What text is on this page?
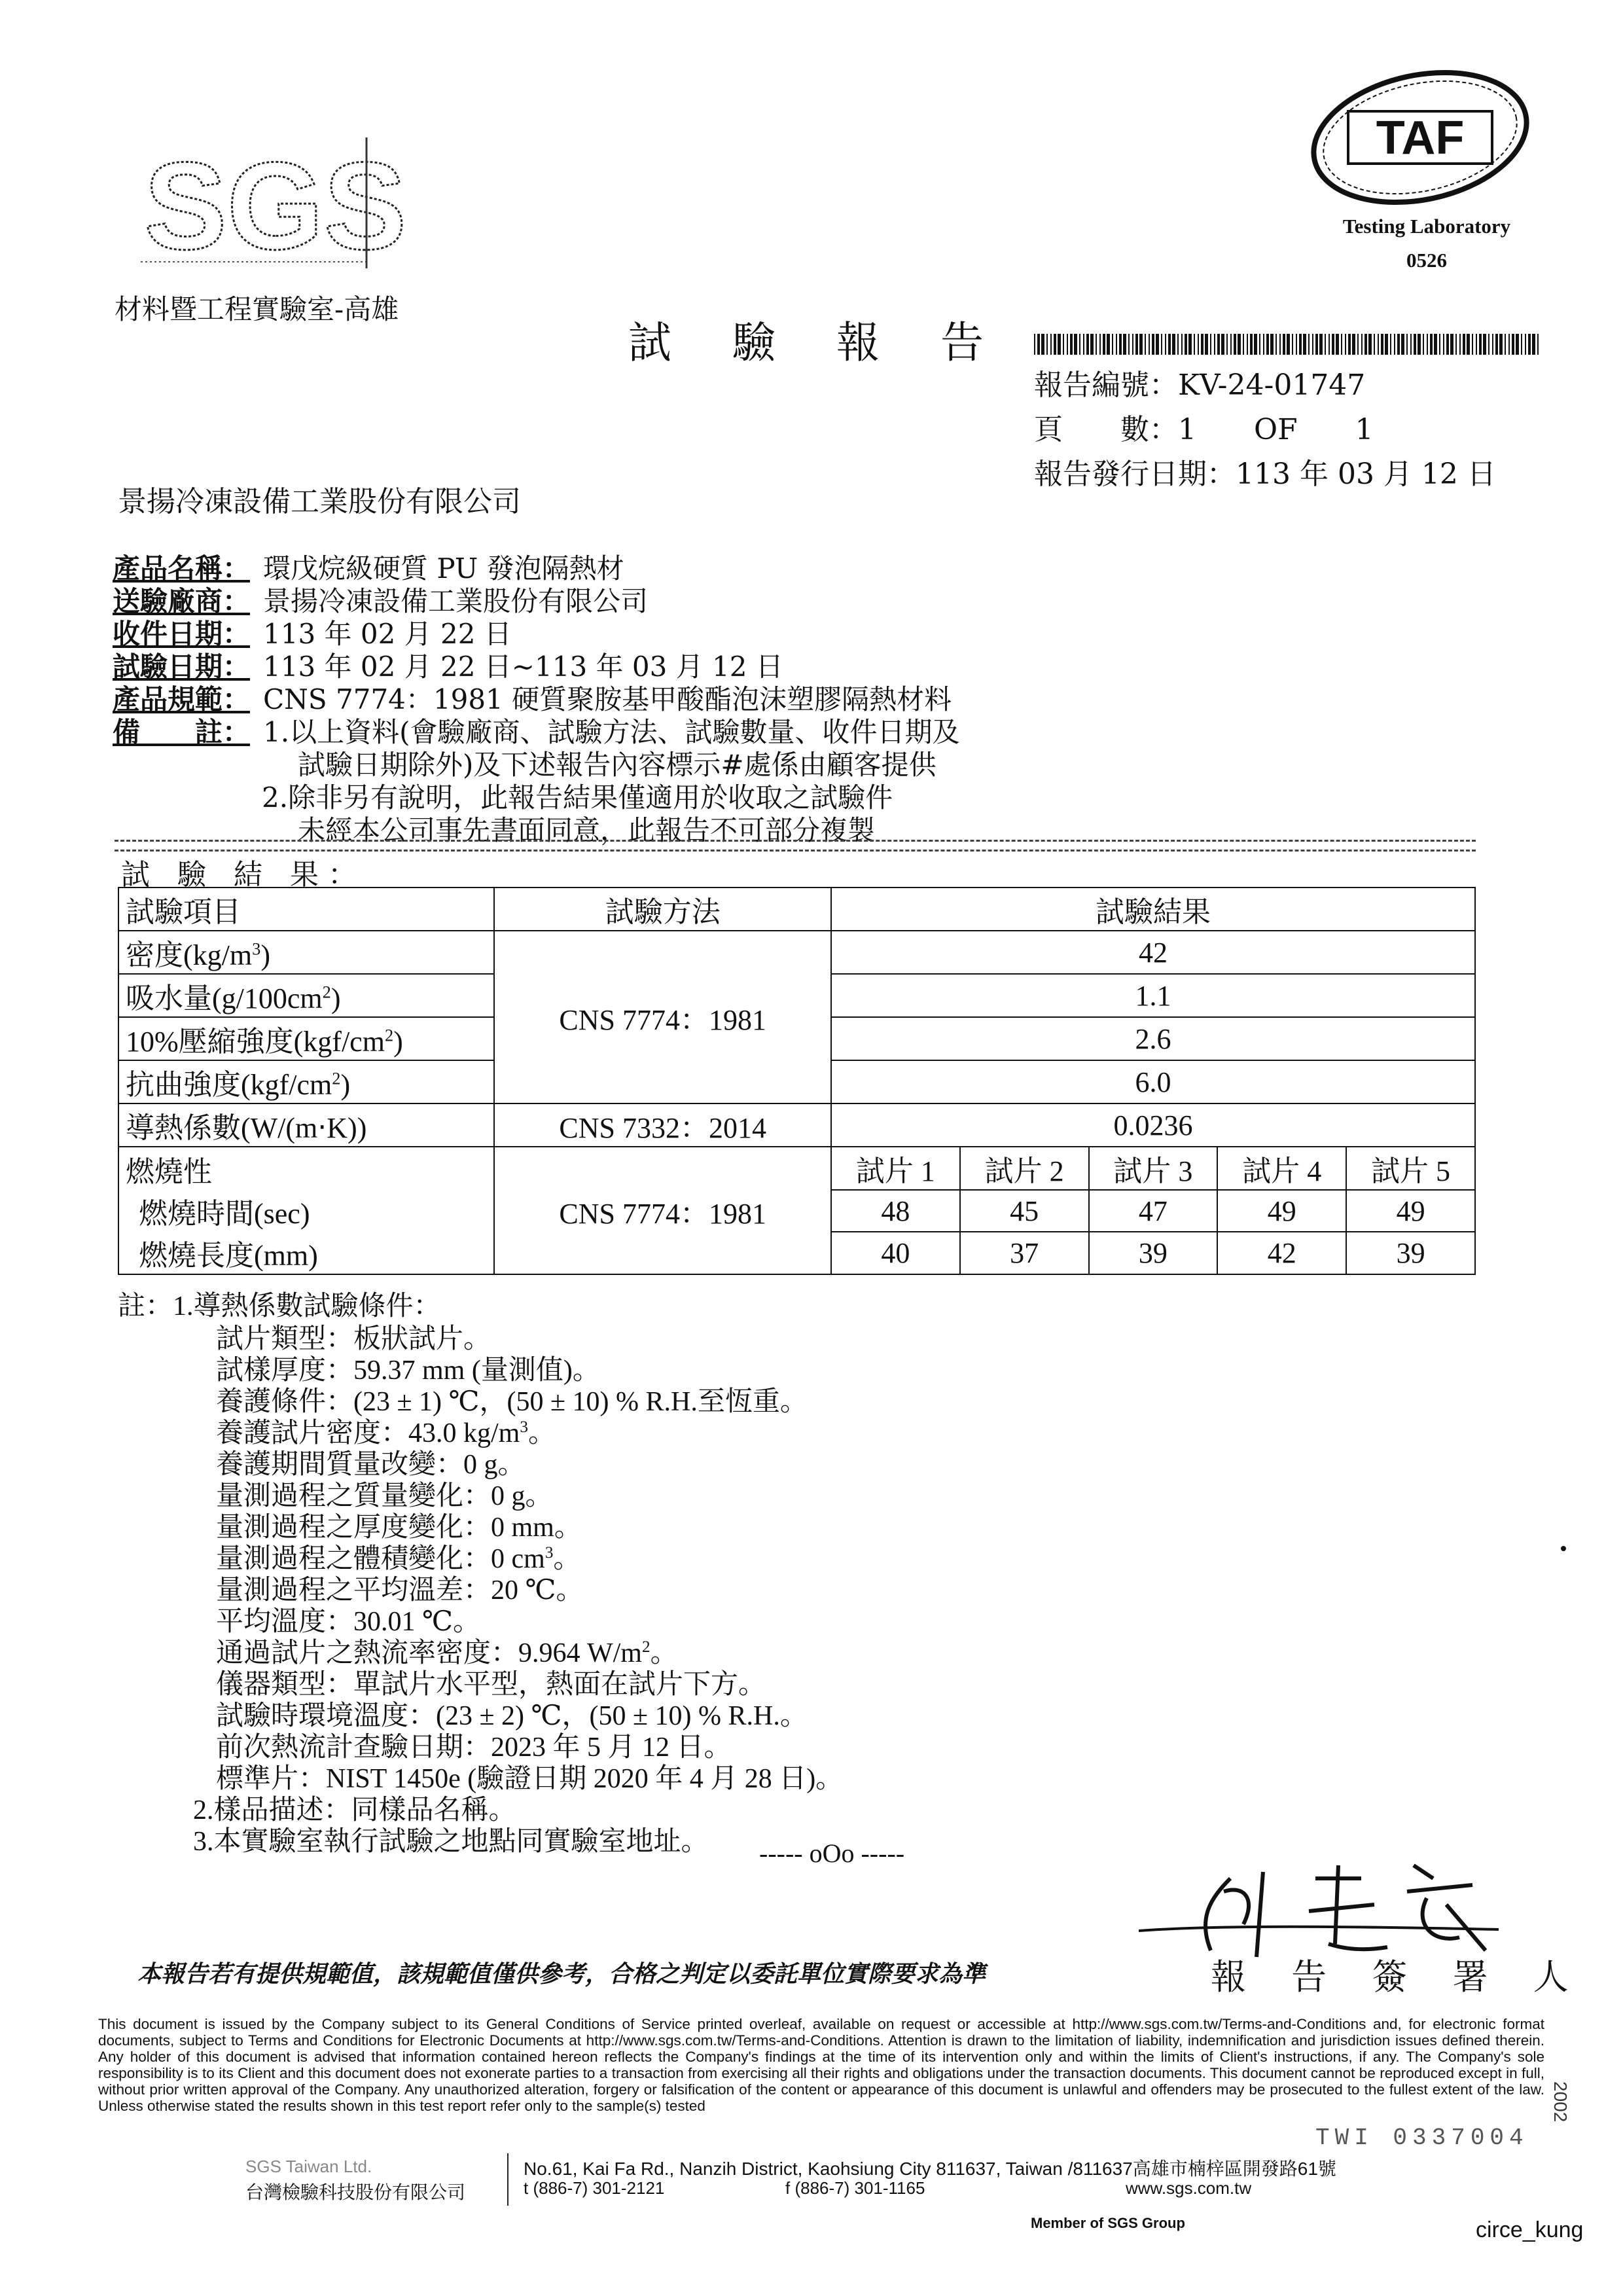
SGS
材料暨工程實驗室-高雄
試 驗 報 告
TAF
Testing Laboratory
0526
報告編號：KV-24-01747
頁　　數：1　　OF　　1
報告發行日期：113 年 03 月 12 日
景揚冷凍設備工業股份有限公司
產品名稱： 環戊烷級硬質 PU 發泡隔熱材
送驗廠商： 景揚冷凍設備工業股份有限公司
收件日期： 113 年 02 月 22 日
試驗日期： 113 年 02 月 22 日~113 年 03 月 12 日
產品規範： CNS 7774：1981 硬質聚胺基甲酸酯泡沫塑膠隔熱材料
備　　註： 1.以上資料(會驗廠商、試驗方法、試驗數量、收件日期及
試驗日期除外)及下述報告內容標示#處係由顧客提供
2.除非另有說明，此報告結果僅適用於收取之試驗件
未經本公司事先書面同意，此報告不可部分複製
試 驗 結 果：
試驗項目	試驗方法	試驗結果				
密度$(kg/m^3)$	CNS 7774：1981	42				
吸水量$(g/100cm^2)$		1.1				
10%壓縮強度$(kgf/cm^2)$		2.6				
抗曲強度$(kgf/cm^2)$		6.0				
導熱係數(W/(m‧K))	CNS 7332：2014	0.0236				
燃燒性	CNS 7774：1981	試片 1	試片 2	試片 3	試片 4	試片 5
燃燒時間(sec)		48	45	47	49	49
燃燒長度(mm)		40	37	39	42	39
註：1.導熱係數試驗條件：
試片類型：板狀試片。
試樣厚度：59.37 mm (量測值)。
養護條件：(23 ± 1) ℃，(50 ± 10) % R.H.至恆重。
養護試片密度：43.0 $kg/m^3$。
養護期間質量改變：0 g。
量測過程之質量變化：0 g。
量測過程之厚度變化：0 mm。
量測過程之體積變化：0 $cm^3$。
量測過程之平均溫差：20 ℃。
平均溫度：30.01 ℃。
通過試片之熱流率密度：9.964 $W/m^2$。
儀器類型：單試片水平型，熱面在試片下方。
試驗時環境溫度：(23 ± 2) ℃，(50 ± 10) % R.H.。
前次熱流計查驗日期：2023 年 5 月 12 日。
標準片：NIST 1450e (驗證日期 2020 年 4 月 28 日)。
2.樣品描述：同樣品名稱。
3.本實驗室執行試驗之地點同實驗室地址。 ----- oOo -----
報 告 簽 署 人
本報告若有提供規範值，該規範值僅供參考，合格之判定以委託單位實際要求為準
This document is issued by the Company subject to its General Conditions of Service printed overleaf, available on request or accessible at http://www.sgs.com.tw/Terms-and-Conditions and, for electronic format documents, subject to Terms and Conditions for Electronic Documents at http://www.sgs.com.tw/Terms-and-Conditions. Attention is drawn to the limitation of liability, indemnification and jurisdiction issues defined therein. Any holder of this document is advised that information contained hereon reflects the Company's findings at the time of its intervention only and within the limits of Client's instructions, if any. The Company's sole responsibility is to its Client and this document does not exonerate parties to a transaction from exercising all their rights and obligations under the transaction documents. This document cannot be reproduced except in full, without prior written approval of the Company. Any unauthorized alteration, forgery or falsification of the content or appearance of this document is unlawful and offenders may be prosecuted to the fullest extent of the law. Unless otherwise stated the results shown in this test report refer only to the sample(s) tested
TWI 0337004
SGS Taiwan Ltd.
台灣檢驗科技股份有限公司
No.61, Kai Fa Rd., Nanzih District, Kaohsiung City 811637, Taiwan /811637高雄市楠梓區開發路61號
t (886-7) 301-2121	f (886-7) 301-1165	www.sgs.com.tw
Member of SGS Group	circe_kung
2002
